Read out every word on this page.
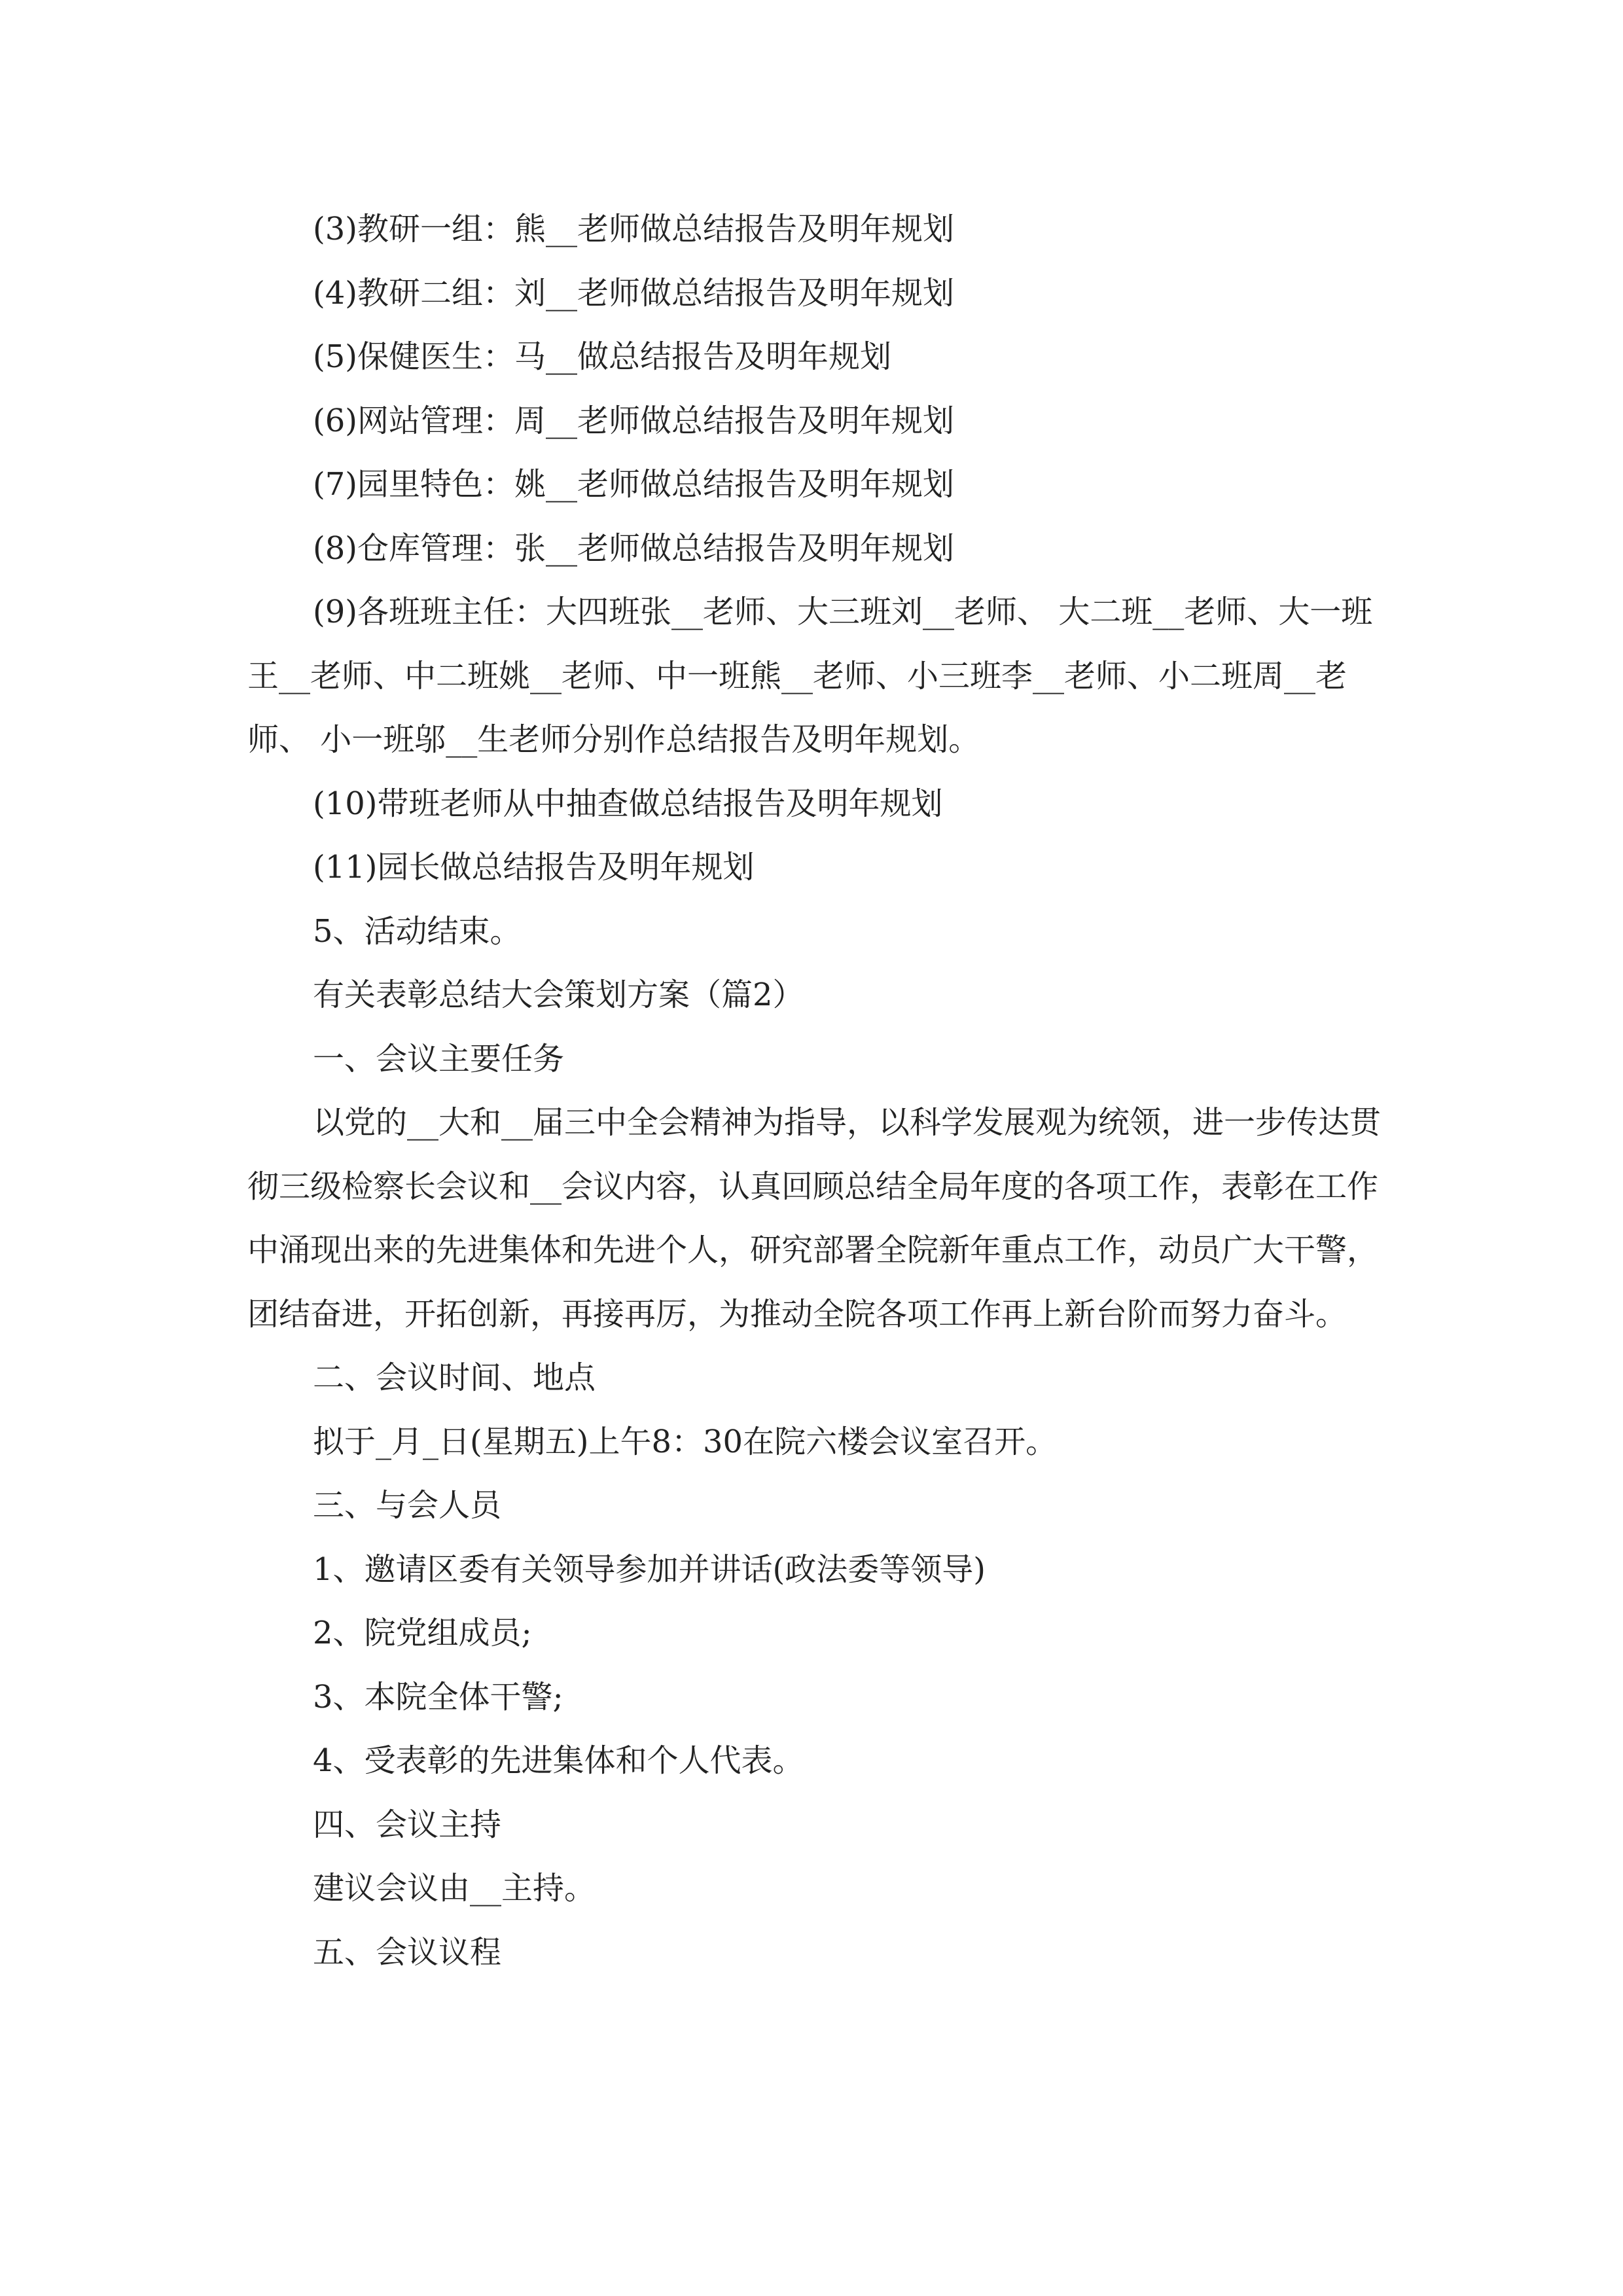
(3)教研一组：熊__老师做总结报告及明年规划

(4)教研二组：刘__老师做总结报告及明年规划

(5)保健医生：马__做总结报告及明年规划

(6)网站管理：周__老师做总结报告及明年规划

(7)园里特色：姚__老师做总结报告及明年规划

(8)仓库管理：张__老师做总结报告及明年规划

(9)各班班主任：大四班张__老师、大三班刘__老师、 大二班__老师、大一班王__老师、中二班姚__老师、中一班熊__老师、小三班李__老师、小二班周__老师、 小一班邬__生老师分别作总结报告及明年规划。

(10)带班老师从中抽查做总结报告及明年规划

(11)园长做总结报告及明年规划

5、活动结束。

有关表彰总结大会策划方案（篇2）

一、会议主要任务

以党的__大和__届三中全会精神为指导，以科学发展观为统领，进一步传达贯彻三级检察长会议和__会议内容，认真回顾总结全局年度的各项工作，表彰在工作中涌现出来的先进集体和先进个人，研究部署全院新年重点工作，动员广大干警，团结奋进，开拓创新，再接再厉，为推动全院各项工作再上新台阶而努力奋斗。

二、会议时间、地点

拟于_月_日(星期五)上午8：30在院六楼会议室召开。

三、与会人员

1、邀请区委有关领导参加并讲话(政法委等领导)

2、院党组成员;

3、本院全体干警;

4、受表彰的先进集体和个人代表。

四、会议主持

建议会议由__主持。

五、会议议程
